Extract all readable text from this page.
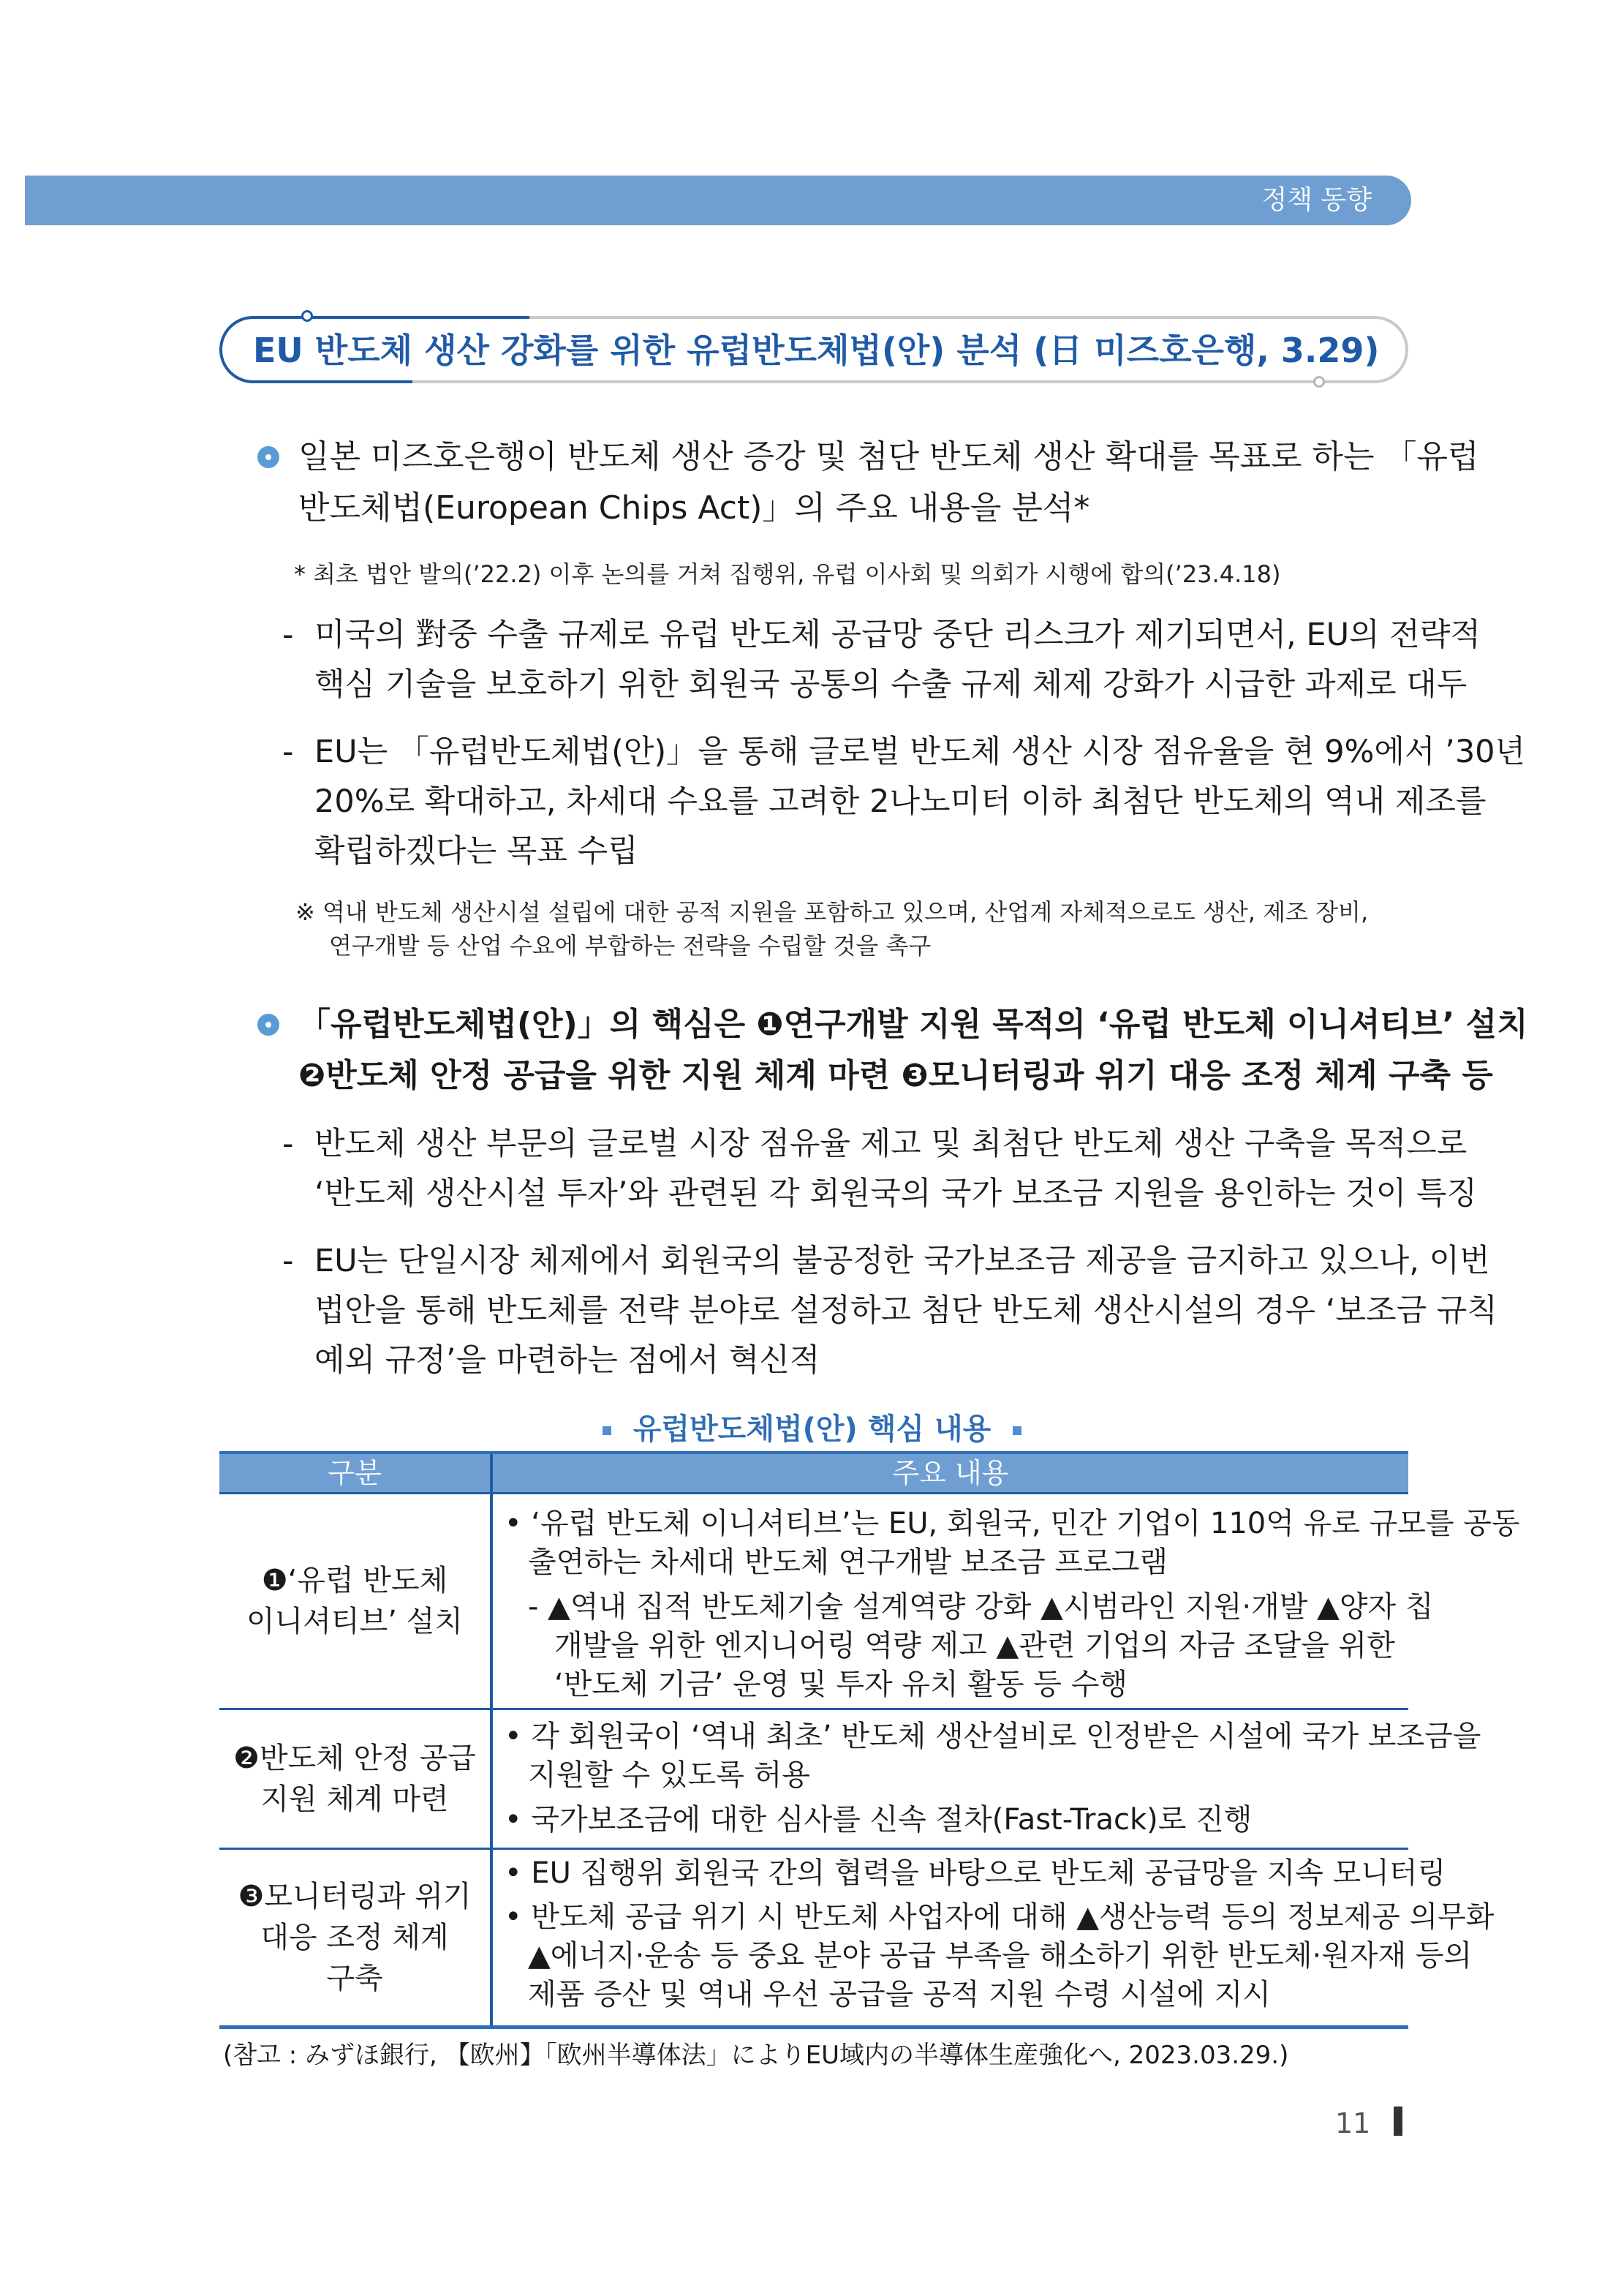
정책 동향
EU 반도체 생산 강화를 위한 유럽반도체법(안) 분석 (日 미즈호은행, 3.29)
일본 미즈호은행이 반도체 생산 증강 및 첨단 반도체 생산 확대를 목표로 하는 「유럽
반도체법(European Chips Act)」의 주요 내용을 분석*
* 최초 법안 발의(’22.2) 이후 논의를 거쳐 집행위, 유럽 이사회 및 의회가 시행에 합의(’23.4.18)
- 미국의 對중 수출 규제로 유럽 반도체 공급망 중단 리스크가 제기되면서, EU의 전략적
핵심 기술을 보호하기 위한 회원국 공통의 수출 규제 체제 강화가 시급한 과제로 대두
- EU는 「유럽반도체법(안)」을 통해 글로벌 반도체 생산 시장 점유율을 현 9%에서 ’30년
20%로 확대하고, 차세대 수요를 고려한 2나노미터 이하 최첨단 반도체의 역내 제조를
확립하겠다는 목표 수립
※ 역내 반도체 생산시설 설립에 대한 공적 지원을 포함하고 있으며, 산업계 자체적으로도 생산, 제조 장비,
연구개발 등 산업 수요에 부합하는 전략을 수립할 것을 촉구
「유럽반도체법(안)」의 핵심은 ❶연구개발 지원 목적의 ‘유럽 반도체 이니셔티브’ 설치
❷반도체 안정 공급을 위한 지원 체계 마련 ❸모니터링과 위기 대응 조정 체계 구축 등
- 반도체 생산 부문의 글로벌 시장 점유율 제고 및 최첨단 반도체 생산 구축을 목적으로
‘반도체 생산시설 투자’와 관련된 각 회원국의 국가 보조금 지원을 용인하는 것이 특징
- EU는 단일시장 체제에서 회원국의 불공정한 국가보조금 제공을 금지하고 있으나, 이번
법안을 통해 반도체를 전략 분야로 설정하고 첨단 반도체 생산시설의 경우 ‘보조금 규칙
예외 규정’을 마련하는 점에서 혁신적
유럽반도체법(안) 핵심 내용
구분	주요 내용
❶‘유럽 반도체
이니셔티브’ 설치
• ‘유럽 반도체 이니셔티브’는 EU, 회원국, 민간 기업이 110억 유로 규모를 공동
출연하는 차세대 반도체 연구개발 보조금 프로그램
- ▲역내 집적 반도체기술 설계역량 강화 ▲시범라인 지원·개발 ▲양자 칩
개발을 위한 엔지니어링 역량 제고 ▲관련 기업의 자금 조달을 위한
‘반도체 기금’ 운영 및 투자 유치 활동 등 수행
❷반도체 안정 공급
지원 체계 마련
• 각 회원국이 ‘역내 최초’ 반도체 생산설비로 인정받은 시설에 국가 보조금을
지원할 수 있도록 허용
• 국가보조금에 대한 심사를 신속 절차(Fast-Track)로 진행
❸모니터링과 위기
대응 조정 체계
구축
• EU 집행위 회원국 간의 협력을 바탕으로 반도체 공급망을 지속 모니터링
• 반도체 공급 위기 시 반도체 사업자에 대해 ▲생산능력 등의 정보제공 의무화
▲에너지·운송 등 중요 분야 공급 부족을 해소하기 위한 반도체·원자재 등의
제품 증산 및 역내 우선 공급을 공적 지원 수령 시설에 지시
(참고 : みずほ銀行, 【欧州】「欧州半導体法」によりEU域内の半導体生産強化へ, 2023.03.29.)
11
